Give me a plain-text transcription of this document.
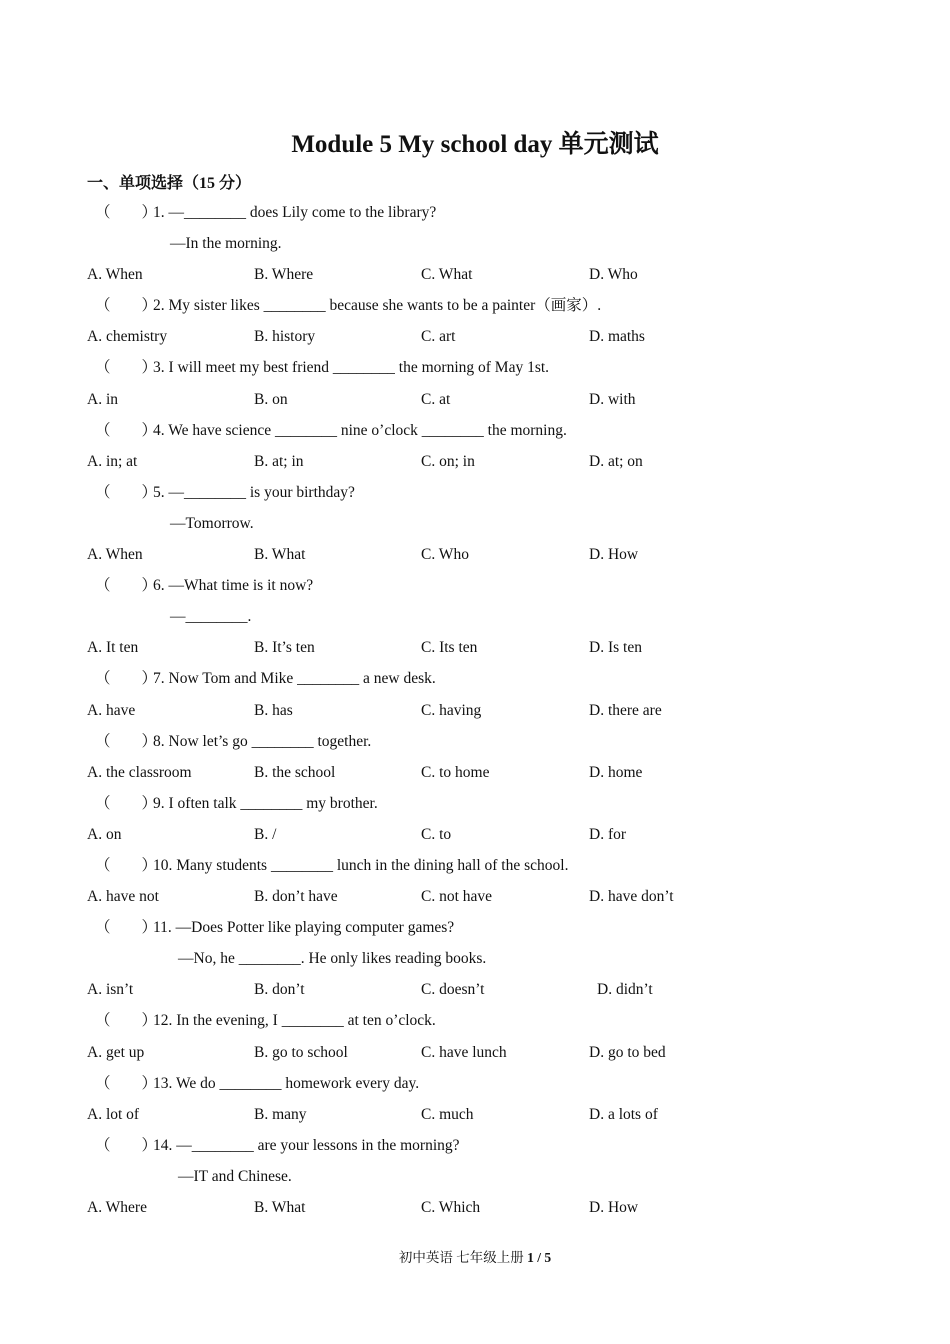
Module 5 My school day 单元测试
一、单项选择（15 分）
（　　）1. —________ does Lily come to the library?
—In the morning.
A. When	B. Where	C. What	D. Who
（　　）2. My sister likes ________ because she wants to be a painter（画家）.
A. chemistry	B. history	C. art	D. maths
（　　）3. I will meet my best friend ________ the morning of May 1st.
A. in	B. on	C. at	D. with
（　　）4. We have science ________ nine o’clock ________ the morning.
A. in; at	B. at; in	C. on; in	D. at; on
（　　）5. —________ is your birthday?
—Tomorrow.
A. When	B. What	C. Who	D. How
（　　）6. —What time is it now?
—________.
A. It ten	B. It’s ten	C. Its ten	D. Is ten
（　　）7. Now Tom and Mike ________ a new desk.
A. have	B. has	C. having	D. there are
（　　）8. Now let’s go ________ together.
A. the classroom	B. the school	C. to home	D. home
（　　）9. I often talk ________ my brother.
A. on	B. /	C. to	D. for
（　　）10. Many students ________ lunch in the dining hall of the school.
A. have not	B. don’t have	C. not have	D. have don’t
（　　）11. —Does Potter like playing computer games?
—No, he ________. He only likes reading books.
A. isn’t	B. don’t	C. doesn’t	D. didn’t
（　　）12. In the evening, I ________ at ten o’clock.
A. get up	B. go to school	C. have lunch	D. go to bed
（　　）13. We do ________ homework every day.
A. lot of	B. many	C. much	D. a lots of
（　　）14. —________ are your lessons in the morning?
—IT and Chinese.
A. Where	B. What	C. Which	D. How
初中英语 七年级上册 1 / 5
